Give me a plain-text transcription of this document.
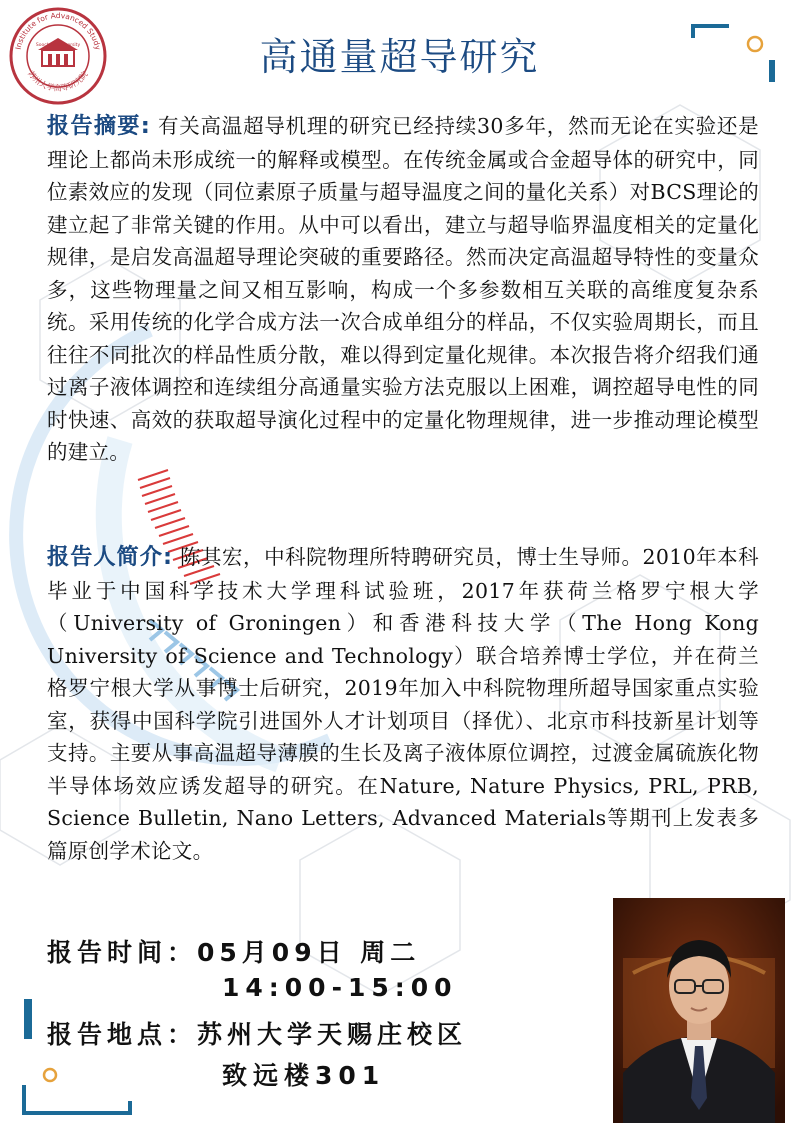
Institute for Advanced Study
Soochow University
苏州大学高等研究院	高通量超导研究
报告摘要: 有关高温超导机理的研究已经持续30多年，然而无论在实验还是理论上都尚未形成统一的解释或模型。在传统金属或合金超导体的研究中，同位素效应的发现（同位素原子质量与超导温度之间的量化关系）对BCS理论的建立起了非常关键的作用。从中可以看出，建立与超导临界温度相关的定量化规律，是启发高温超导理论突破的重要路径。然而决定高温超导特性的变量众多，这些物理量之间又相互影响，构成一个多参数相互关联的高维度复杂系统。采用传统的化学合成方法一次合成单组分的样品，不仅实验周期长，而且往往不同批次的样品性质分散，难以得到定量化规律。本次报告将介绍我们通过离子液体调控和连续组分高通量实验方法克服以上困难，调控超导电性的同时快速、高效的获取超导演化过程中的定量化物理规律，进一步推动理论模型的建立。
报告人简介: 陈其宏，中科院物理所特聘研究员，博士生导师。2010年本科毕业于中国科学技术大学理科试验班，2017年获荷兰格罗宁根大学（University of Groningen）和香港科技大学（The Hong Kong University of Science and Technology）联合培养博士学位，并在荷兰格罗宁根大学从事博士后研究，2019年加入中科院物理所超导国家重点实验室，获得中国科学院引进国外人才计划项目（择优）、北京市科技新星计划等支持。主要从事高温超导薄膜的生长及离子液体原位调控，过渡金属硫族化物半导体场效应诱发超导的研究。在Nature, Nature Physics, PRL, PRB, Science Bulletin, Nano Letters, Advanced Materials等期刊上发表多篇原创学术论文。
报告时间：05月09日 周二
14:00-15:00
报告地点：苏州大学天赐庄校区
致远楼301
